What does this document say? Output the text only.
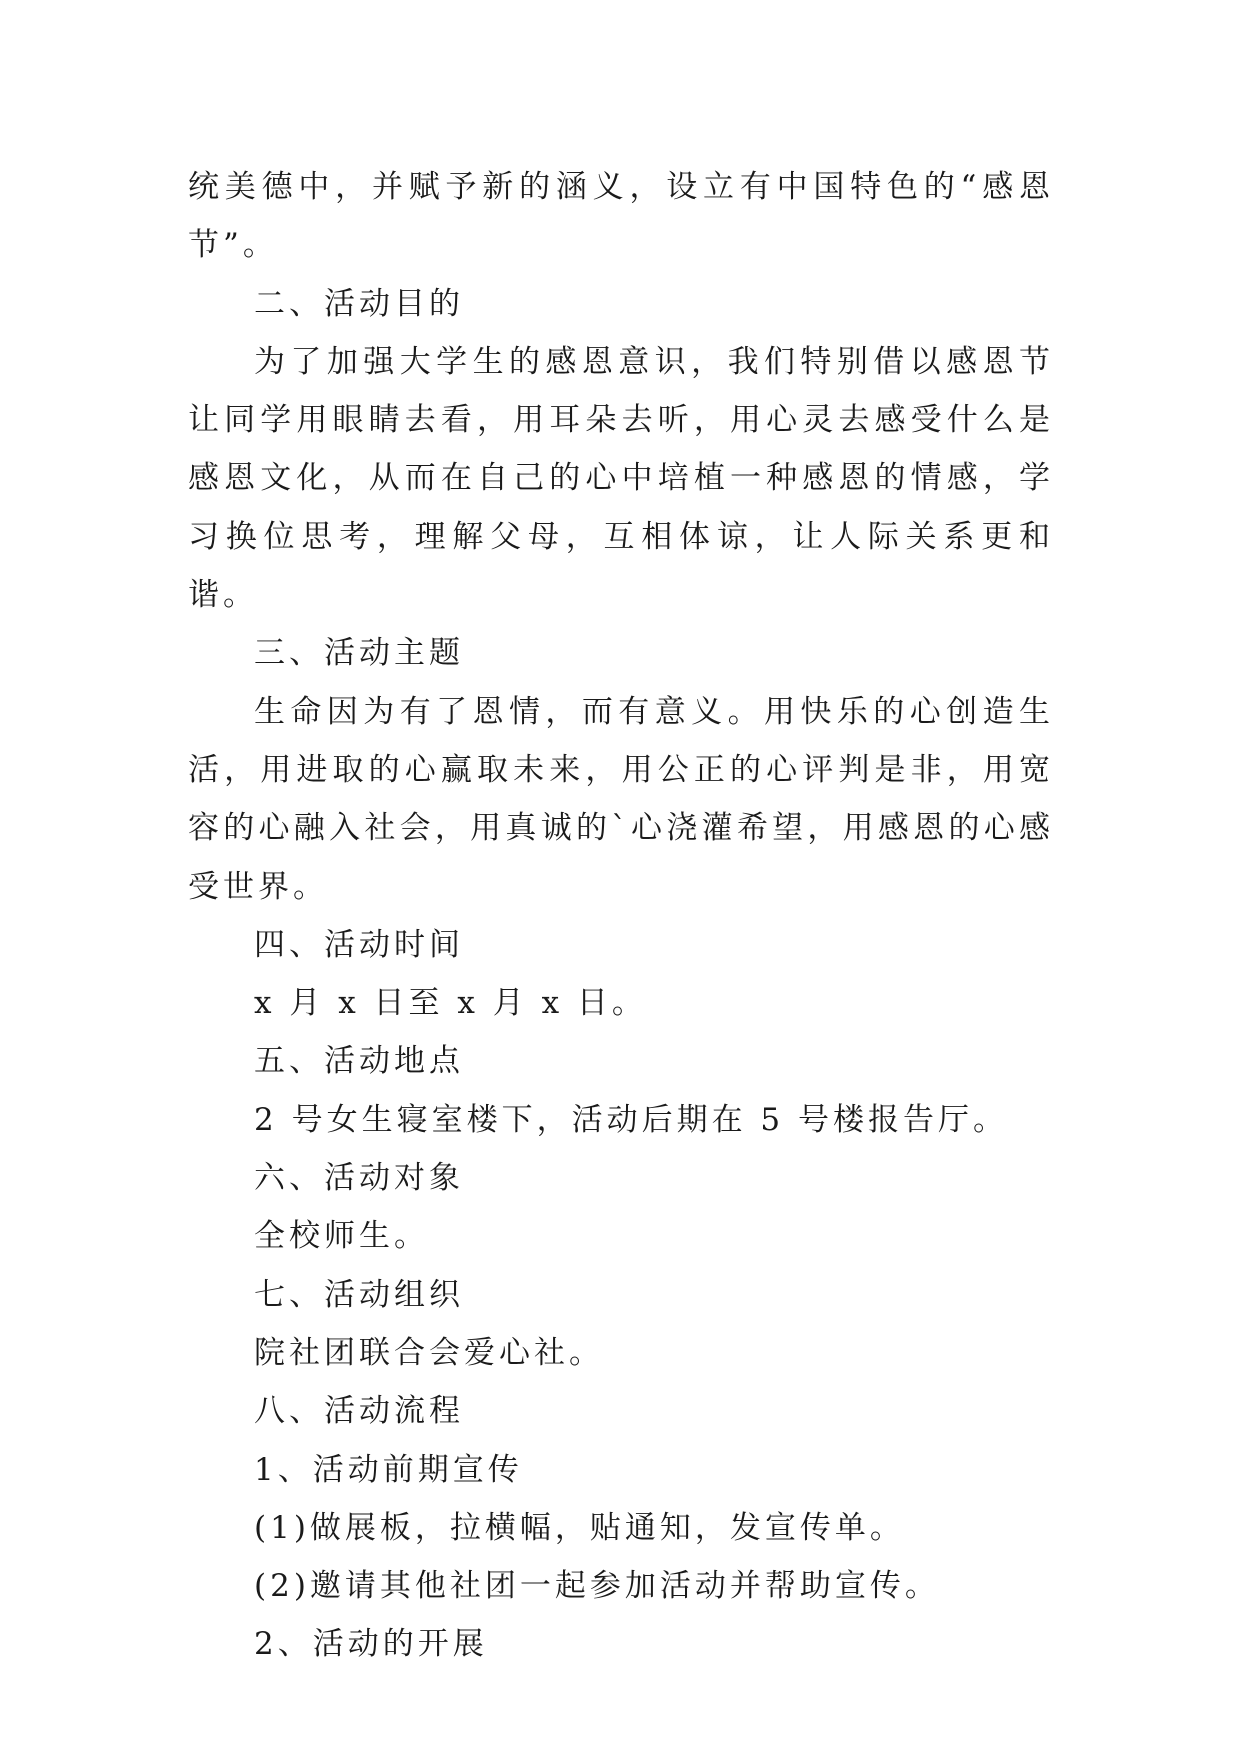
统美德中，并赋予新的涵义，设立有中国特色的“感恩节”。

二、活动目的

为了加强大学生的感恩意识，我们特别借以感恩节让同学用眼睛去看，用耳朵去听，用心灵去感受什么是感恩文化，从而在自己的心中培植一种感恩的情感，学习换位思考，理解父母，互相体谅，让人际关系更和谐。

三、活动主题

生命因为有了恩情，而有意义。用快乐的心创造生活，用进取的心赢取未来，用公正的心评判是非，用宽容的心融入社会，用真诚的`心浇灌希望，用感恩的心感受世界。

四、活动时间

x 月 x 日至 x 月 x 日。

五、活动地点

2 号女生寝室楼下，活动后期在 5 号楼报告厅。

六、活动对象

全校师生。

七、活动组织

院社团联合会爱心社。

八、活动流程

1、活动前期宣传

(1)做展板，拉横幅，贴通知，发宣传单。

(2)邀请其他社团一起参加活动并帮助宣传。

2、活动的开展
